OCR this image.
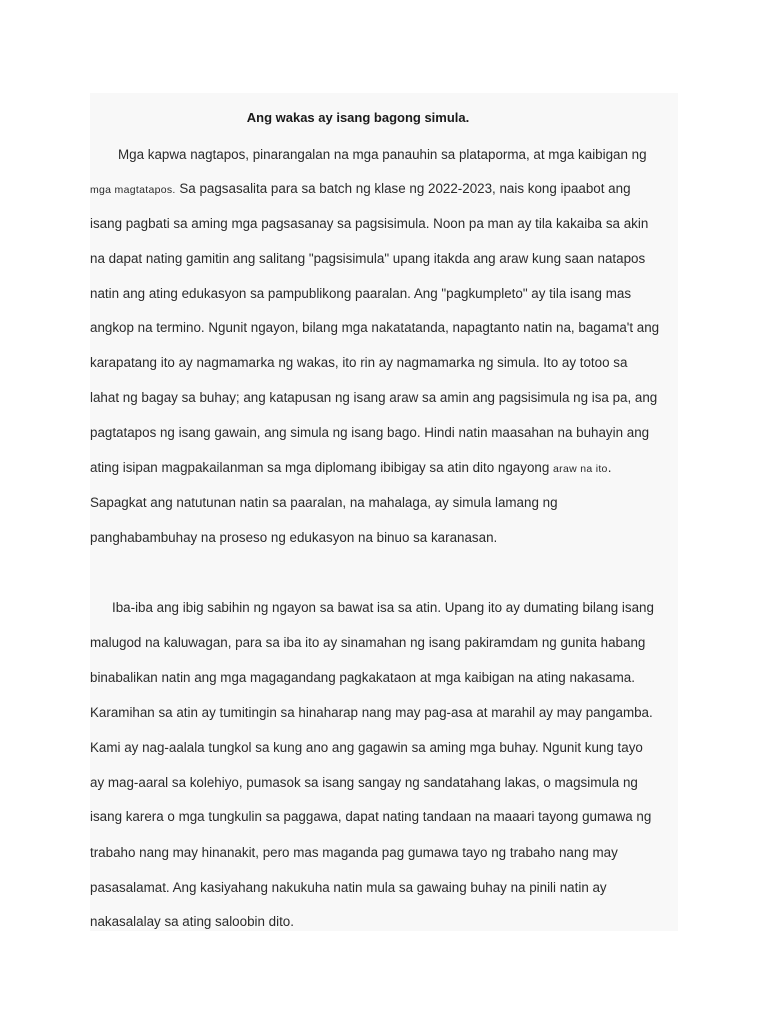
Ang wakas ay isang bagong simula.
Mga kapwa nagtapos, pinarangalan na mga panauhin sa plataporma, at mga kaibigan ng
mga magtatapos. Sa pagsasalita para sa batch ng klase ng 2022-2023, nais kong ipaabot ang
isang pagbati sa aming mga pagsasanay sa pagsisimula. Noon pa man ay tila kakaiba sa akin
na dapat nating gamitin ang salitang "pagsisimula" upang itakda ang araw kung saan natapos
natin ang ating edukasyon sa pampublikong paaralan. Ang "pagkumpleto" ay tila isang mas
angkop na termino. Ngunit ngayon, bilang mga nakatatanda, napagtanto natin na, bagama't ang
karapatang ito ay nagmamarka ng wakas, ito rin ay nagmamarka ng simula. Ito ay totoo sa
lahat ng bagay sa buhay; ang katapusan ng isang araw sa amin ang pagsisimula ng isa pa, ang
pagtatapos ng isang gawain, ang simula ng isang bago. Hindi natin maasahan na buhayin ang
ating isipan magpakailanman sa mga diplomang ibibigay sa atin dito ngayong araw na ito.
Sapagkat ang natutunan natin sa paaralan, na mahalaga, ay simula lamang ng
panghabambuhay na proseso ng edukasyon na binuo sa karanasan.
Iba-iba ang ibig sabihin ng ngayon sa bawat isa sa atin. Upang ito ay dumating bilang isang
malugod na kaluwagan, para sa iba ito ay sinamahan ng isang pakiramdam ng gunita habang
binabalikan natin ang mga magagandang pagkakataon at mga kaibigan na ating nakasama.
Karamihan sa atin ay tumitingin sa hinaharap nang may pag-asa at marahil ay may pangamba.
Kami ay nag-aalala tungkol sa kung ano ang gagawin sa aming mga buhay. Ngunit kung tayo
ay mag-aaral sa kolehiyo, pumasok sa isang sangay ng sandatahang lakas, o magsimula ng
isang karera o mga tungkulin sa paggawa, dapat nating tandaan na maaari tayong gumawa ng
trabaho nang may hinanakit, pero mas maganda pag gumawa tayo ng trabaho nang may
pasasalamat. Ang kasiyahang nakukuha natin mula sa gawaing buhay na pinili natin ay
nakasalalay sa ating saloobin dito.
